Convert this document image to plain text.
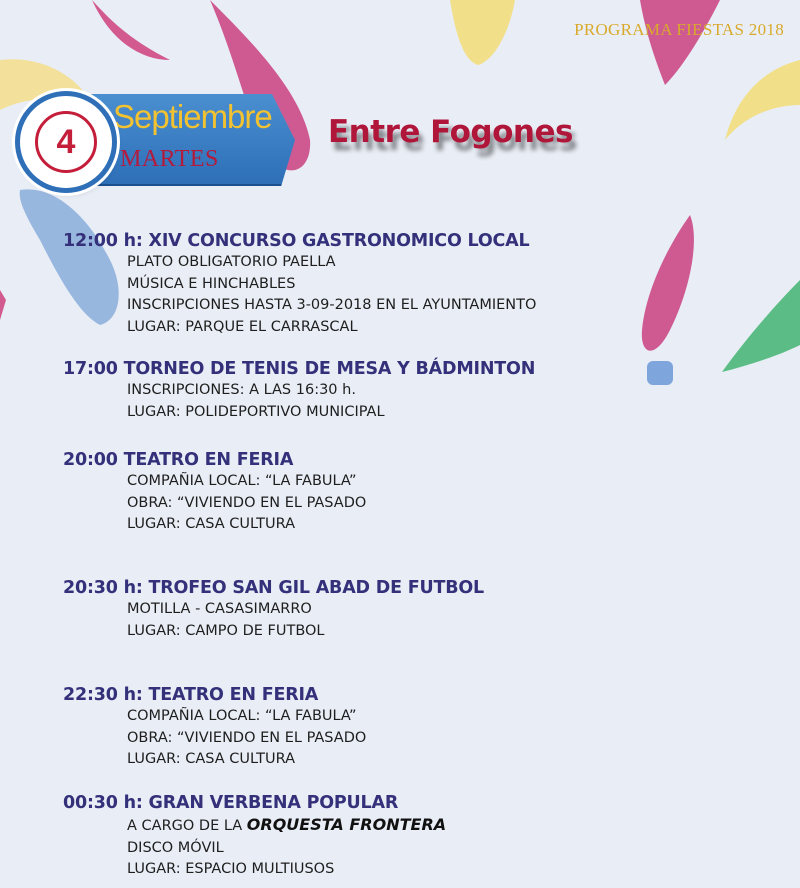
PROGRAMA FIESTAS 2018
Septiembre
MARTES
4	Entre Fogones
12:00 h: XIV CONCURSO GASTRONOMICO LOCAL

PLATO OBLIGATORIO PAELLA

MÚSICA E HINCHABLES

INSCRIPCIONES HASTA 3-09-2018 EN EL AYUNTAMIENTO

LUGAR: PARQUE EL CARRASCAL

17:00 TORNEO DE TENIS DE MESA Y BÁDMINTON

INSCRIPCIONES: A LAS 16:30 h.

LUGAR: POLIDEPORTIVO MUNICIPAL

20:00 TEATRO EN FERIA

COMPAÑIA LOCAL: “LA FABULA”

OBRA: “VIVIENDO EN EL PASADO

LUGAR: CASA CULTURA

20:30 h: TROFEO SAN GIL ABAD DE FUTBOL

MOTILLA - CASASIMARRO

LUGAR: CAMPO DE FUTBOL

22:30 h: TEATRO EN FERIA

COMPAÑIA LOCAL: “LA FABULA”

OBRA: “VIVIENDO EN EL PASADO

LUGAR: CASA CULTURA

00:30 h: GRAN VERBENA POPULAR

A CARGO DE LA ORQUESTA FRONTERA

DISCO MÓVIL

LUGAR: ESPACIO MULTIUSOS
